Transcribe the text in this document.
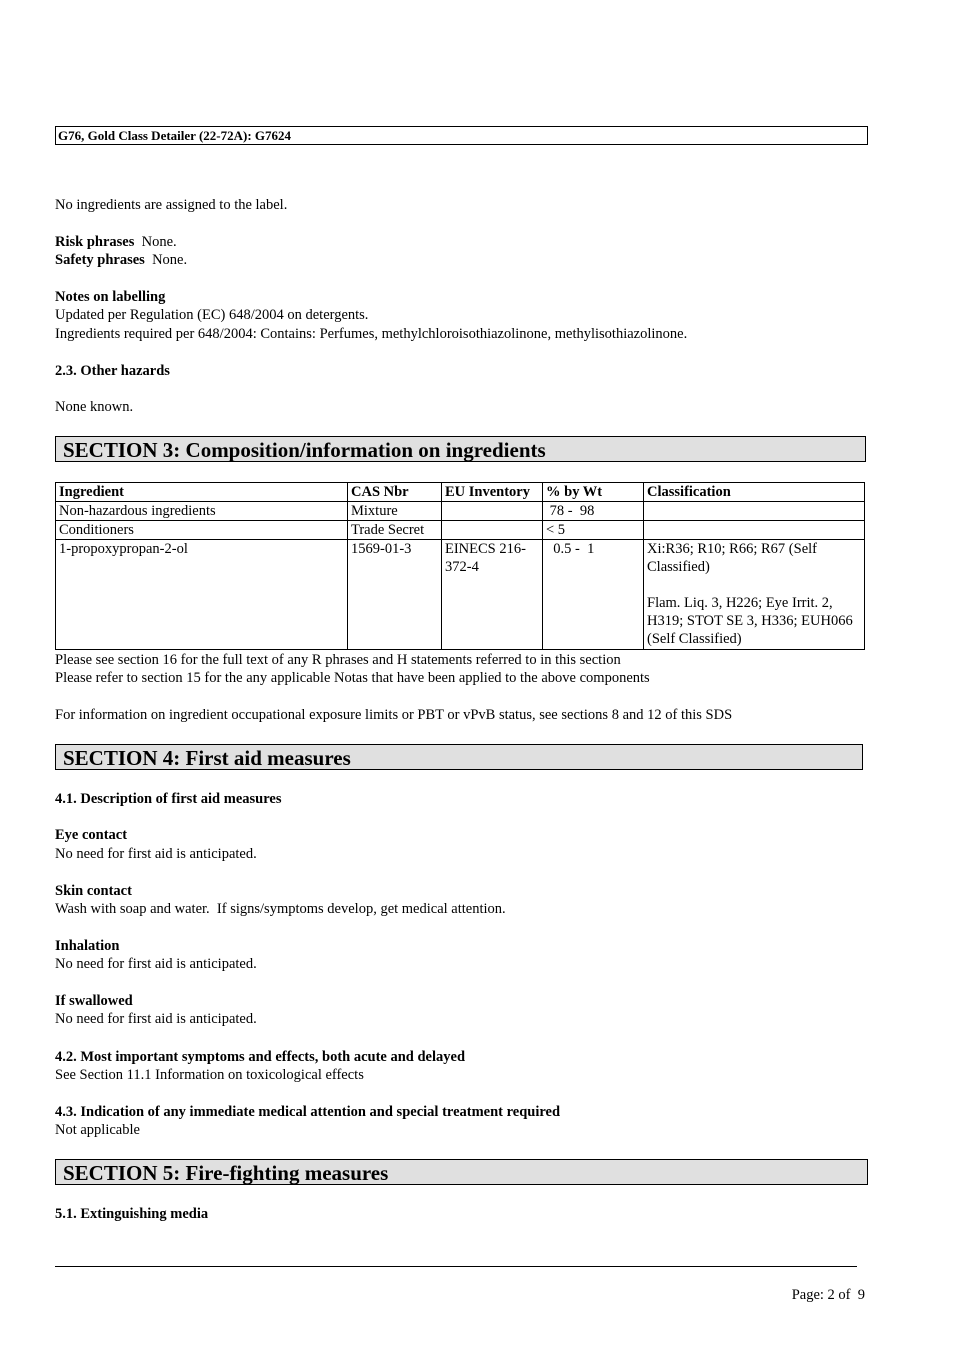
G76, Gold Class Detailer (22-72A): G7624
No ingredients are assigned to the label.
Risk phrases None.
Safety phrases None.
Notes on labelling
Updated per Regulation (EC) 648/2004 on detergents.
Ingredients required per 648/2004: Contains: Perfumes, methylchloroisothiazolinone, methylisothiazolinone.
2.3. Other hazards
None known.
SECTION 3: Composition/information on ingredients
Ingredient	CAS Nbr	EU Inventory	% by Wt	Classification
Non-hazardous ingredients	Mixture		78 -  98	
Conditioners	Trade Secret		< 5	
1-propoxypropan-2-ol	1569-01-3	EINECS 216-372-4	0.5 -  1	Xi:R36; R10; R66; R67 (Self Classified)
Flam. Liq. 3, H226; Eye Irrit. 2, H319; STOT SE 3, H336; EUH066 (Self Classified)
Please see section 16 for the full text of any R phrases and H statements referred to in this section
Please refer to section 15 for the any applicable Notas that have been applied to the above components
For information on ingredient occupational exposure limits or PBT or vPvB status, see sections 8 and 12 of this SDS
SECTION 4: First aid measures
4.1. Description of first aid measures
Eye contact
No need for first aid is anticipated.
Skin contact
Wash with soap and water.  If signs/symptoms develop, get medical attention.
Inhalation
No need for first aid is anticipated.
If swallowed
No need for first aid is anticipated.
4.2. Most important symptoms and effects, both acute and delayed
See Section 11.1 Information on toxicological effects
4.3. Indication of any immediate medical attention and special treatment required
Not applicable
SECTION 5: Fire-fighting measures
5.1. Extinguishing media
Page: 2 of  9
